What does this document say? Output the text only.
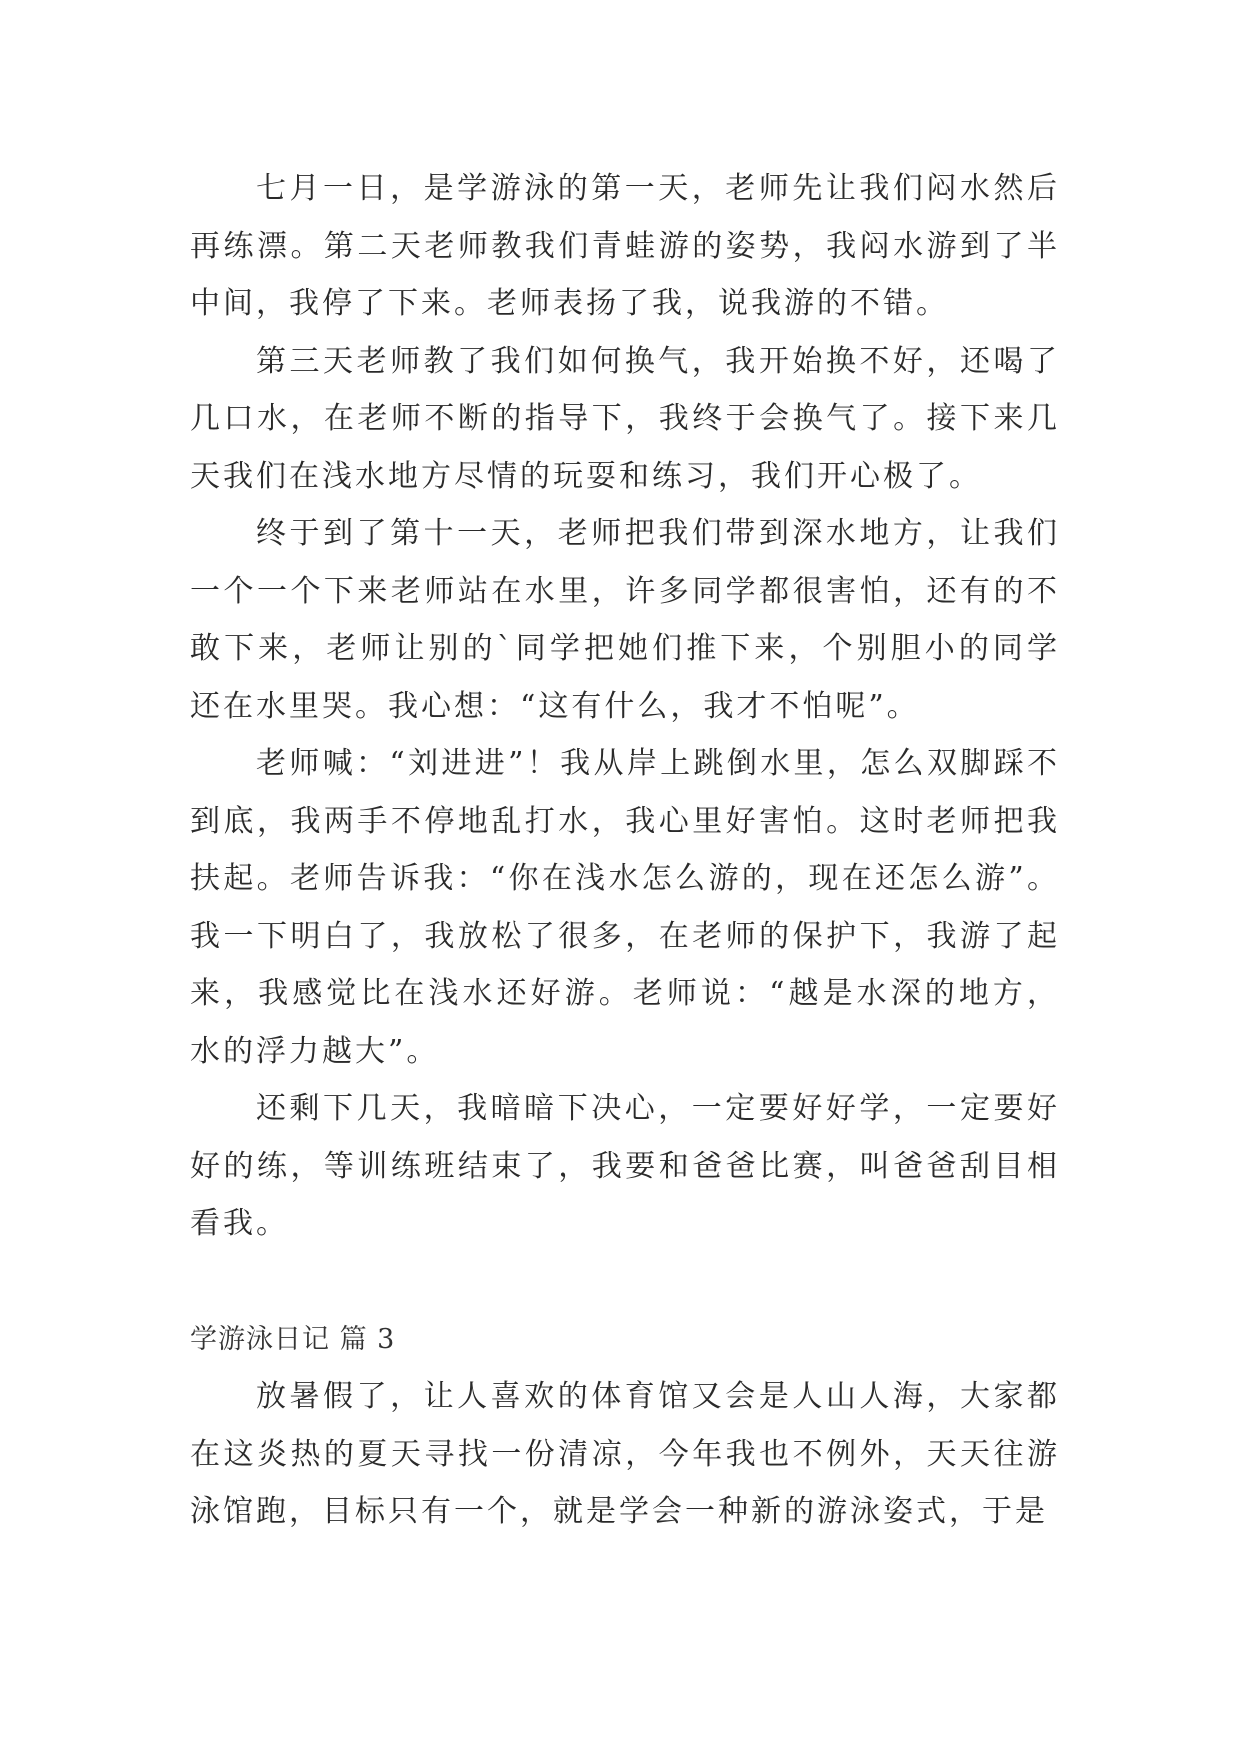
七月一日，是学游泳的第一天，老师先让我们闷水然后再练漂。第二天老师教我们青蛙游的姿势，我闷水游到了半中间，我停了下来。老师表扬了我，说我游的不错。

第三天老师教了我们如何换气，我开始换不好，还喝了几口水，在老师不断的指导下，我终于会换气了。接下来几天我们在浅水地方尽情的玩耍和练习，我们开心极了。

终于到了第十一天，老师把我们带到深水地方，让我们一个一个下来老师站在水里，许多同学都很害怕，还有的不敢下来，老师让别的`同学把她们推下来，个别胆小的同学还在水里哭。我心想：“这有什么，我才不怕呢”。

老师喊：“刘进进”！我从岸上跳倒水里，怎么双脚踩不到底，我两手不停地乱打水，我心里好害怕。这时老师把我扶起。老师告诉我：“你在浅水怎么游的，现在还怎么游”。我一下明白了，我放松了很多，在老师的保护下，我游了起来，我感觉比在浅水还好游。老师说：“越是水深的地方，水的浮力越大”。

还剩下几天，我暗暗下决心，一定要好好学，一定要好好的练，等训练班结束了，我要和爸爸比赛，叫爸爸刮目相看我。

学游泳日记 篇 3

放暑假了，让人喜欢的体育馆又会是人山人海，大家都在这炎热的夏天寻找一份清凉，今年我也不例外，天天往游泳馆跑，目标只有一个，就是学会一种新的游泳姿式，于是
